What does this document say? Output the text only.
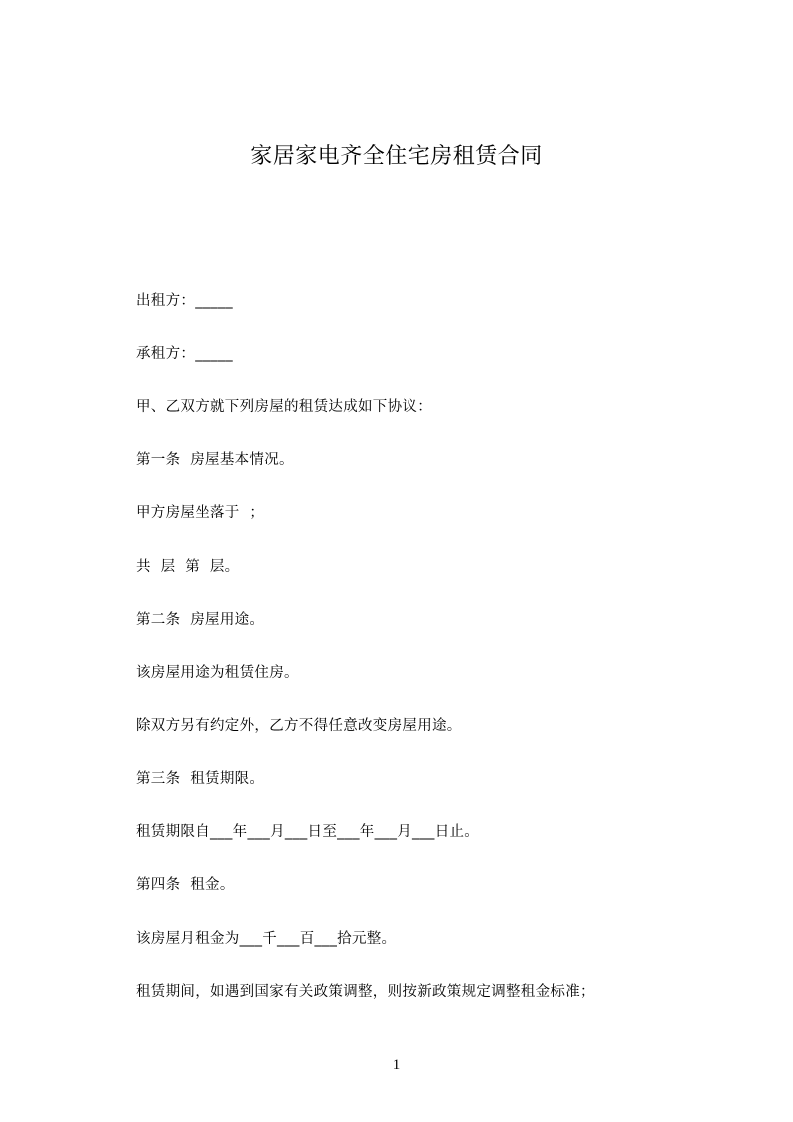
家居家电齐全住宅房租赁合同

出租方：_____

承租方：_____

甲、乙双方就下列房屋的租赁达成如下协议：

第一条  房屋基本情况。

甲方房屋坐落于  ；

共  层  第  层。

第二条  房屋用途。

该房屋用途为租赁住房。

除双方另有约定外，乙方不得任意改变房屋用途。

第三条  租赁期限。

租赁期限自___年___月___日至___年___月___日止。

第四条  租金。

该房屋月租金为___千___百___拾元整。

租赁期间，如遇到国家有关政策调整，则按新政策规定调整租金标准；

1
